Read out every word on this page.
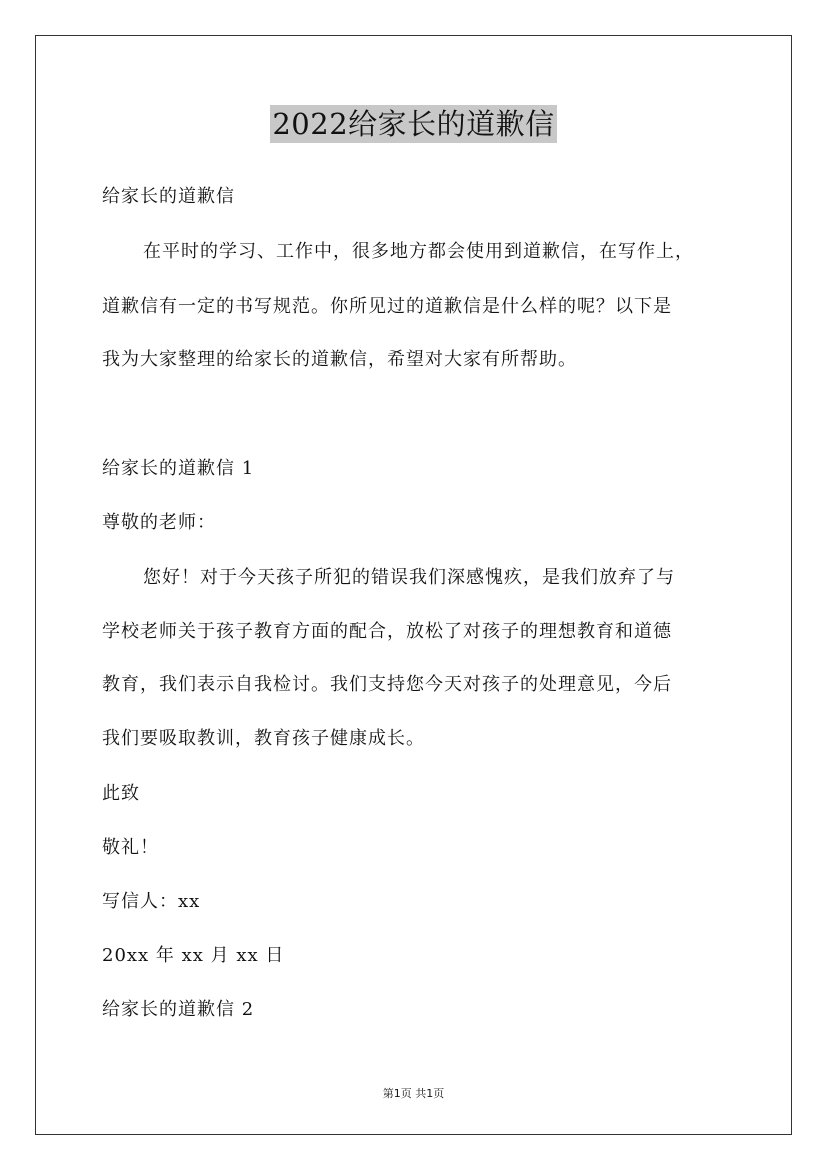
2022给家长的道歉信
给家长的道歉信
在平时的学习、工作中，很多地方都会使用到道歉信，在写作上，
道歉信有一定的书写规范。你所见过的道歉信是什么样的呢？以下是
我为大家整理的给家长的道歉信，希望对大家有所帮助。
给家长的道歉信 1
尊敬的老师：
您好！对于今天孩子所犯的错误我们深感愧疚，是我们放弃了与
学校老师关于孩子教育方面的配合，放松了对孩子的理想教育和道德
教育，我们表示自我检讨。我们支持您今天对孩子的处理意见，今后
我们要吸取教训，教育孩子健康成长。
此致
敬礼！
写信人：xx
20xx 年 xx 月 xx 日
给家长的道歉信 2
第1页 共1页
